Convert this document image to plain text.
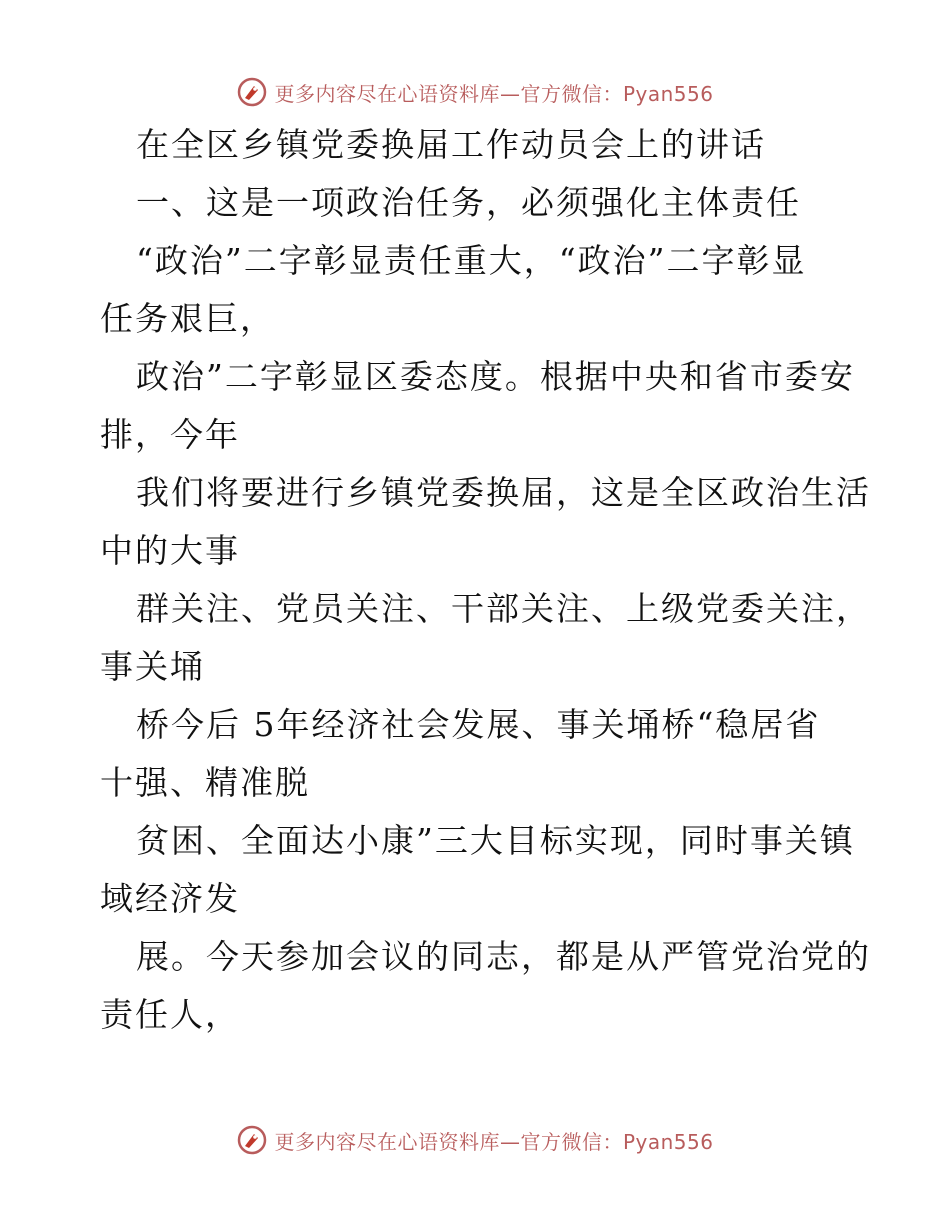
更多内容尽在心语资料库—官方微信：Pyan556
在全区乡镇党委换届工作动员会上的讲话
一、这是一项政治任务，必须强化主体责任
“政治”二字彰显责任重大，“政治”二字彰显
任务艰巨，
政治”二字彰显区委态度。根据中央和省市委安
排，今年
我们将要进行乡镇党委换届，这是全区政治生活
中的大事
群关注、党员关注、干部关注、上级党委关注，
事关埇
桥今后 5年经济社会发展、事关埇桥“稳居省
十强、精准脱
贫困、全面达小康”三大目标实现，同时事关镇
域经济发
展。今天参加会议的同志，都是从严管党治党的
责任人，
更多内容尽在心语资料库—官方微信：Pyan556
